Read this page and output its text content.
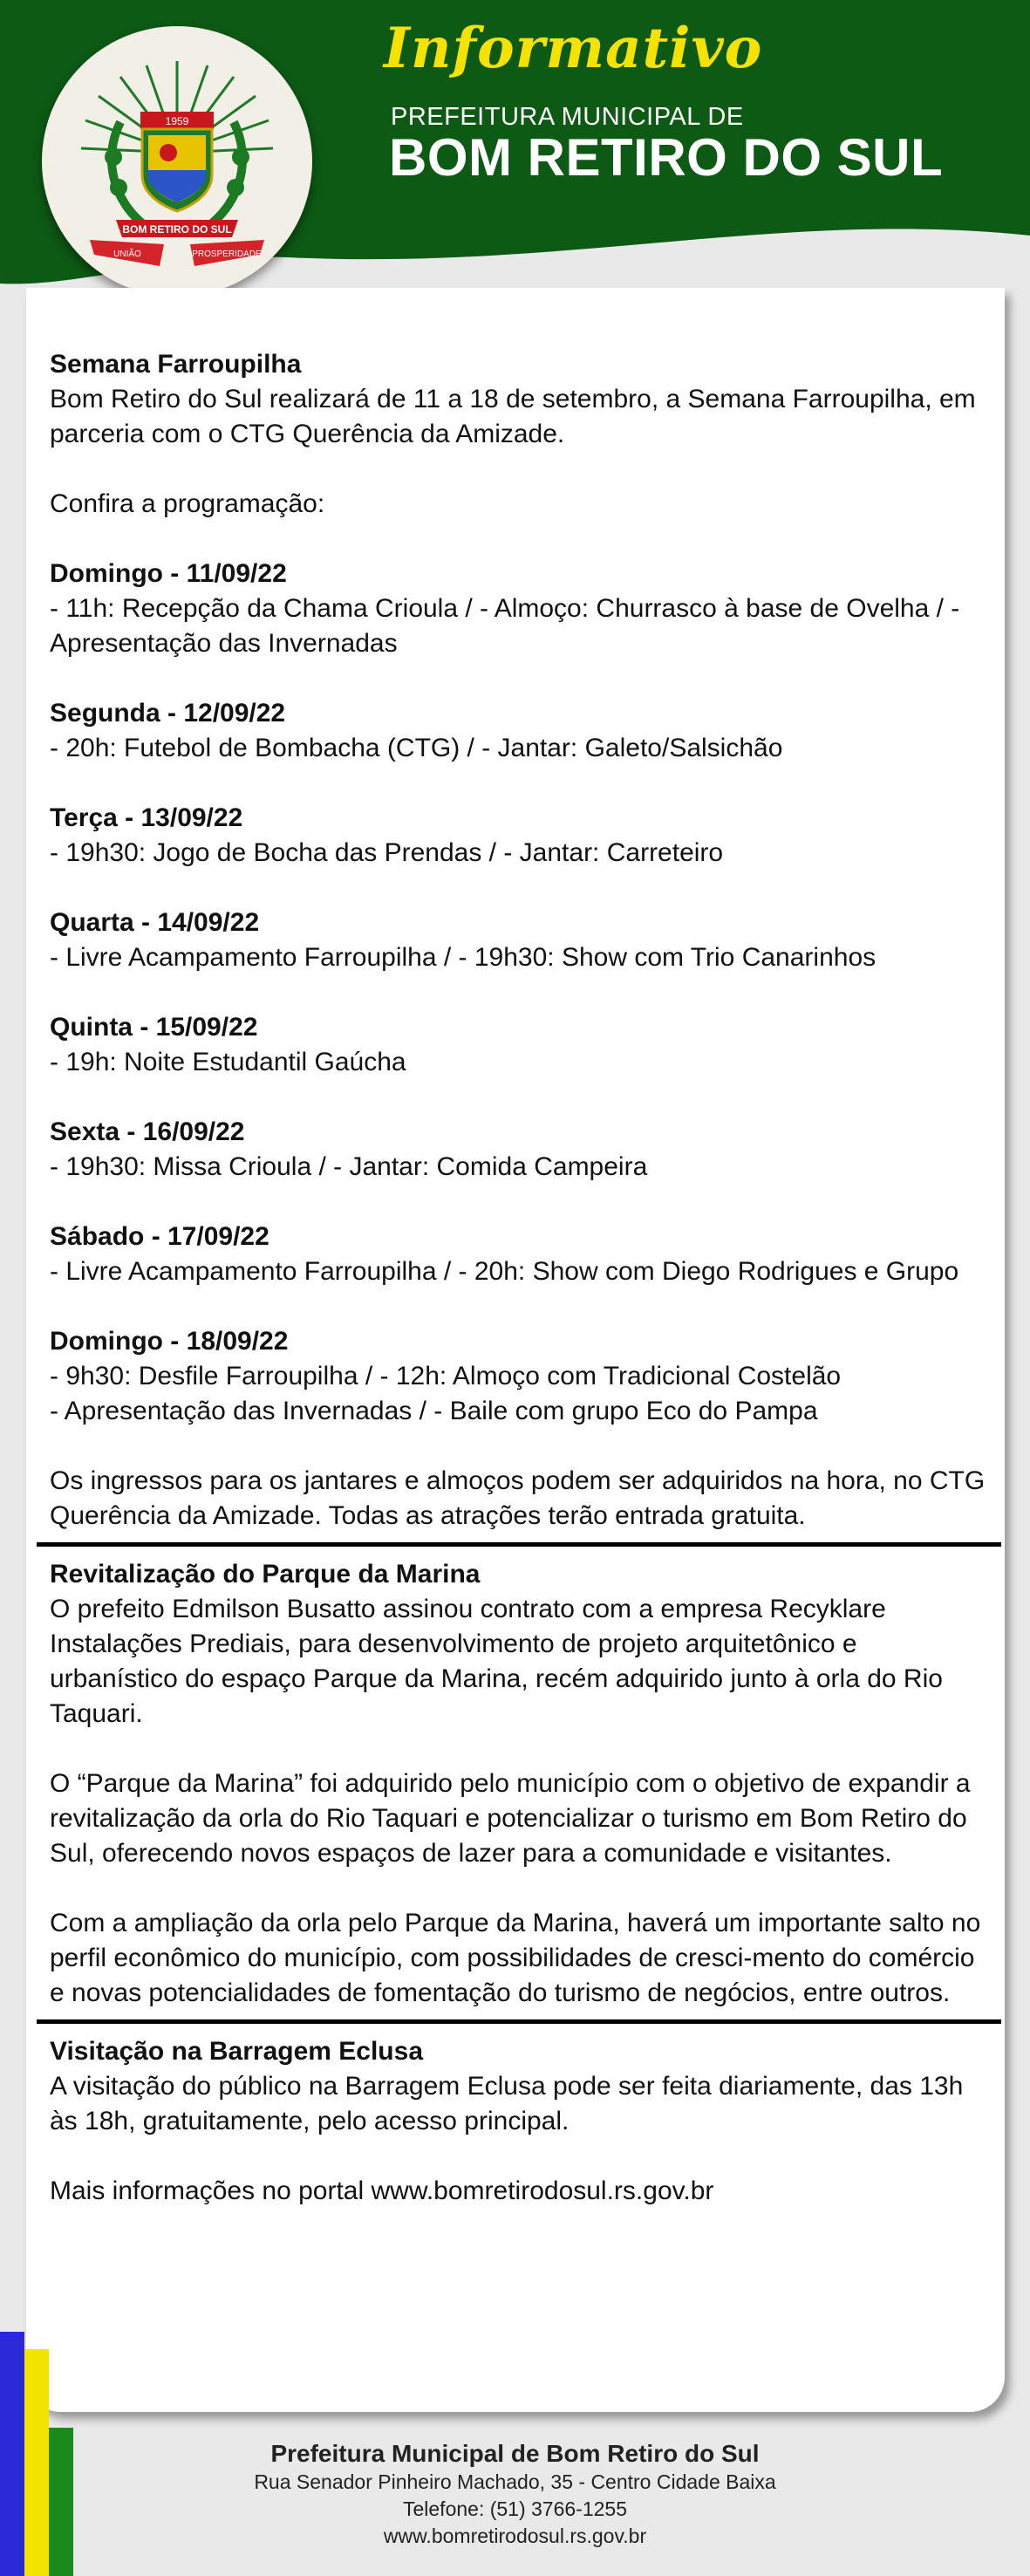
1959
BOM RETIRO DO SUL
UNIÃO	PROSPERIDADE
Informativo
PREFEITURA MUNICIPAL DE
BOM RETIRO DO SUL

Semana Farroupilha

Bom Retiro do Sul realizará de 11 a 18 de setembro, a Semana Farroupilha, em parceria com o CTG Querência da Amizade.

Confira a programação:

Domingo - 11/09/22

- 11h: Recepção da Chama Crioula / - Almoço: Churrasco à base de Ovelha / - Apresentação das Invernadas

Segunda - 12/09/22

- 20h: Futebol de Bombacha (CTG) / - Jantar: Galeto/Salsichão

Terça - 13/09/22

- 19h30: Jogo de Bocha das Prendas / - Jantar: Carreteiro

Quarta - 14/09/22

- Livre Acampamento Farroupilha / - 19h30: Show com Trio Canarinhos

Quinta - 15/09/22

- 19h: Noite Estudantil Gaúcha

Sexta - 16/09/22

- 19h30: Missa Crioula / - Jantar: Comida Campeira

Sábado - 17/09/22

- Livre Acampamento Farroupilha / - 20h: Show com Diego Rodrigues e Grupo

Domingo - 18/09/22

- 9h30: Desfile Farroupilha / - 12h: Almoço com Tradicional Costelão

- Apresentação das Invernadas / - Baile com grupo Eco do Pampa

Os ingressos para os jantares e almoços podem ser adquiridos na hora, no CTG Querência da Amizade. Todas as atrações terão entrada gratuita.

Revitalização do Parque da Marina

O prefeito Edmilson Busatto assinou contrato com a empresa Recyklare Instalações Prediais, para desenvolvimento de projeto arquitetônico e urbanístico do espaço Parque da Marina, recém adquirido junto à orla do Rio Taquari.

O “Parque da Marina” foi adquirido pelo município com o objetivo de expandir a revitalização da orla do Rio Taquari e potencializar o turismo em Bom Retiro do Sul, oferecendo novos espaços de lazer para a comunidade e visitantes.

Com a ampliação da orla pelo Parque da Marina, haverá um importante salto no perfil econômico do município, com possibilidades de cresci-mento do comércio e novas potencialidades de fomentação do turismo de negócios, entre outros.

Visitação na Barragem Eclusa

A visitação do público na Barragem Eclusa pode ser feita diariamente, das 13h às 18h, gratuitamente, pelo acesso principal.

Mais informações no portal www.bomretirodosul.rs.gov.br

Prefeitura Municipal de Bom Retiro do Sul
Rua Senador Pinheiro Machado, 35 - Centro Cidade Baixa
Telefone: (51) 3766-1255
www.bomretirodosul.rs.gov.br
